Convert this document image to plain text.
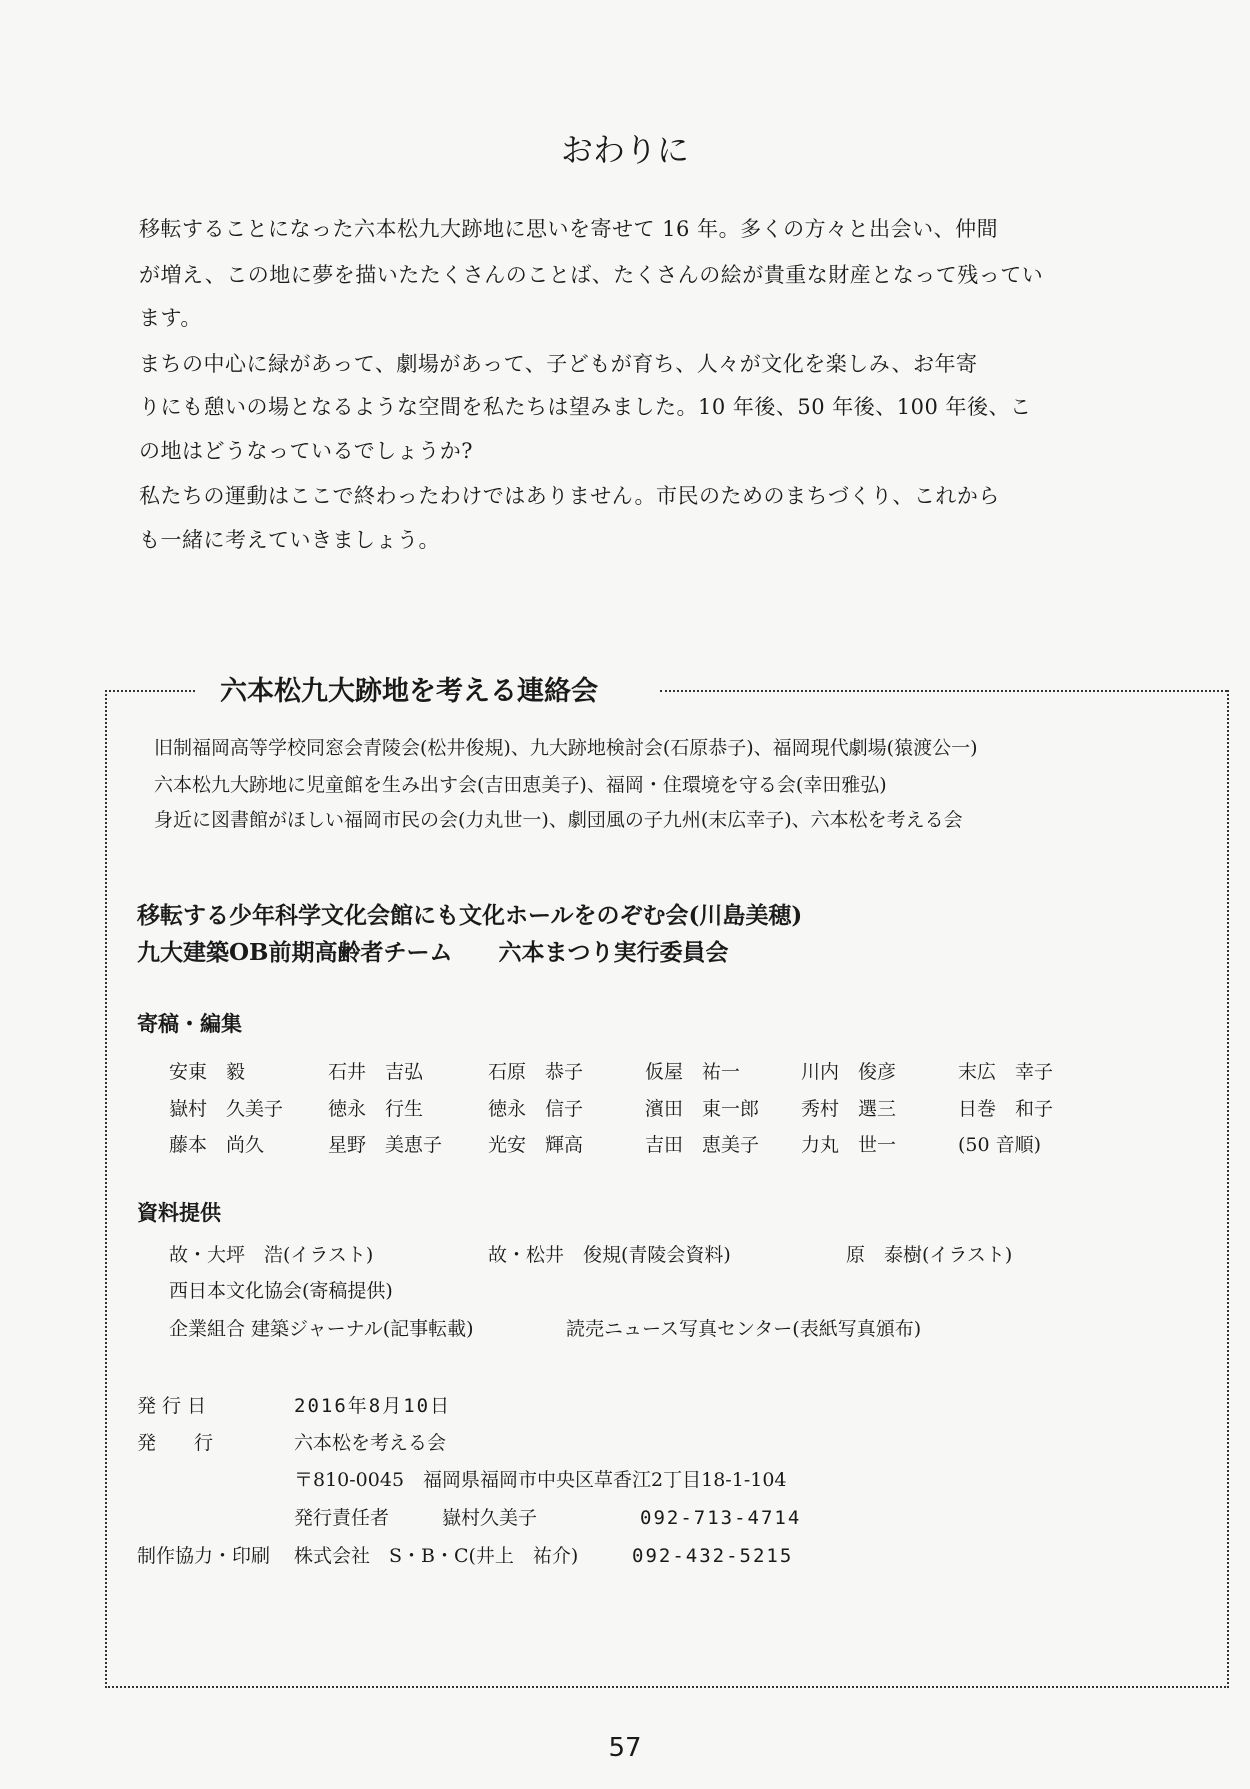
おわりに
移転することになった六本松九大跡地に思いを寄せて 16 年。多くの方々と出会い、仲間
が増え、この地に夢を描いたたくさんのことば、たくさんの絵が貴重な財産となって残ってい
ます。
まちの中心に緑があって、劇場があって、子どもが育ち、人々が文化を楽しみ、お年寄
りにも憩いの場となるような空間を私たちは望みました。10 年後、50 年後、100 年後、こ
の地はどうなっているでしょうか?
私たちの運動はここで終わったわけではありません。市民のためのまちづくり、これから
も一緒に考えていきましょう。
六本松九大跡地を考える連絡会
旧制福岡高等学校同窓会青陵会(松井俊規)、九大跡地検討会(石原恭子)、福岡現代劇場(猿渡公一)
六本松九大跡地に児童館を生み出す会(吉田恵美子)、福岡・住環境を守る会(幸田雅弘)
身近に図書館がほしい福岡市民の会(力丸世一)、劇団風の子九州(末広幸子)、六本松を考える会
移転する少年科学文化会館にも文化ホールをのぞむ会(川島美穂)
九大建築OB前期高齢者チーム　　六本まつり実行委員会
寄稿・編集
安東　毅	石井　吉弘	石原　恭子	仮屋　祐一	川内　俊彦	末広　幸子
嶽村　久美子 徳永　行生	徳永　信子	濱田　東一郎 秀村　選三	日巻　和子
藤本　尚久	星野　美恵子 光安　輝高	吉田　恵美子 力丸　世一	(50 音順)
資料提供
故・大坪　浩(イラスト)	故・松井　俊規(青陵会資料)	原　泰樹(イラスト)
西日本文化協会(寄稿提供)
企業組合 建築ジャーナル(記事転載)	読売ニュース写真センター(表紙写真頒布)
発 行 日	2016年8月10日
発　　行	六本松を考える会
〒810-0045　福岡県福岡市中央区草香江2丁目18-1-104
発行責任者	嶽村久美子	092-713-4714
制作協力・印刷 株式会社　S・B・C(井上　祐介)	092-432-5215
57
